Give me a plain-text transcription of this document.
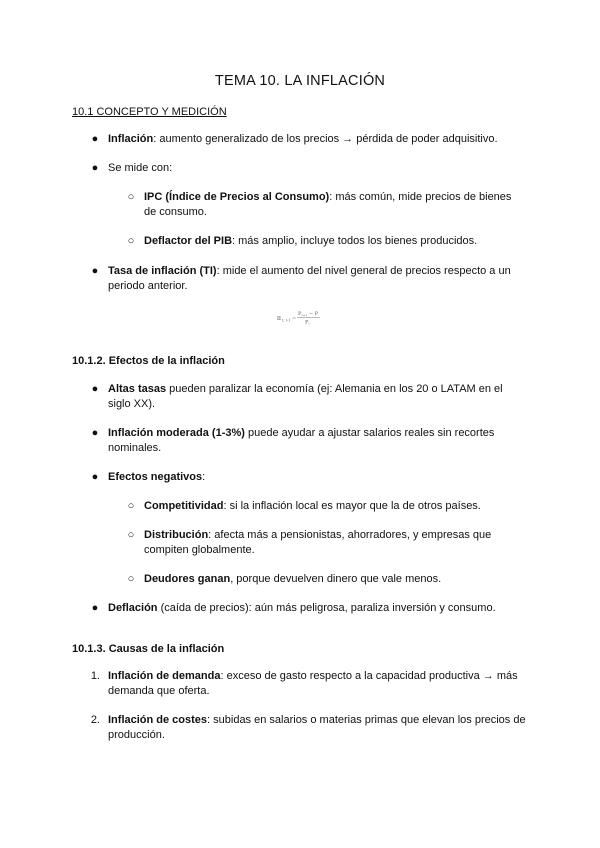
TEMA 10. LA INFLACIÓN
10.1 CONCEPTO Y MEDICIÓN
● Inflación: aumento generalizado de los precios → pérdida de poder adquisitivo.
● Se mide con:
○ IPC (Índice de Precios al Consumo): más común, mide precios de bienes de consumo.
○ Deflactor del PIB: más amplio, incluye todos los bienes producidos.
● Tasa de inflación (TI): mide el aumento del nivel general de precios respecto a un periodo anterior.
π t, t-1 =
P t+1 − P
P t
10.1.2. Efectos de la inflación
● Altas tasas pueden paralizar la economía (ej: Alemania en los 20 o LATAM en el siglo XX).
● Inflación moderada (1-3%) puede ayudar a ajustar salarios reales sin recortes nominales.
● Efectos negativos:
○ Competitividad: si la inflación local es mayor que la de otros países.
○ Distribución: afecta más a pensionistas, ahorradores, y empresas que compiten globalmente.
○ Deudores ganan, porque devuelven dinero que vale menos.
● Deflación (caída de precios): aún más peligrosa, paraliza inversión y consumo.
10.1.3. Causas de la inflación
1. Inflación de demanda: exceso de gasto respecto a la capacidad productiva → más demanda que oferta.
2. Inflación de costes: subidas en salarios o materias primas que elevan los precios de producción.
